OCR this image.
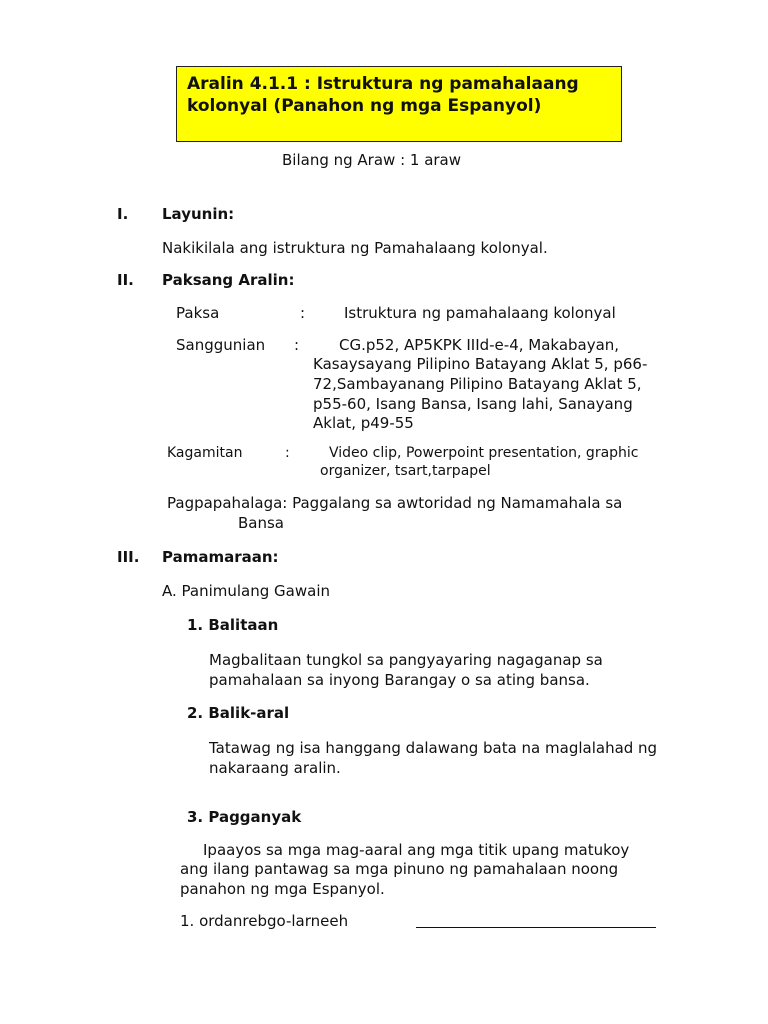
Aralin 4.1.1 : Istruktura ng pamahalaang
kolonyal (Panahon ng mga Espanyol)
Bilang ng Araw : 1 araw
I. Layunin:
Nakikilala ang istruktura ng Pamahalaang kolonyal.
II. Paksang Aralin:
Paksa	:	Istruktura ng pamahalaang kolonyal
Sanggunian :	CG.p52, AP5KPK IIId-e-4, Makabayan,
Kasaysayang Pilipino Batayang Aklat 5, p66-
72,Sambayanang Pilipino Batayang Aklat 5,
p55-60, Isang Bansa, Isang lahi, Sanayang
Aklat, p49-55
Kagamitan	:	Video clip, Powerpoint presentation, graphic
organizer, tsart,tarpapel
Pagpapahalaga: Paggalang sa awtoridad ng Namamahala sa
Bansa
III. Pamamaraan:
A. Panimulang Gawain
1. Balitaan
Magbalitaan tungkol sa pangyayaring nagaganap sa
pamahalaan sa inyong Barangay o sa ating bansa.
2. Balik-aral
Tatawag ng isa hanggang dalawang bata na maglalahad ng
nakaraang aralin.
3. Pagganyak
Ipaayos sa mga mag-aaral ang mga titik upang matukoy
ang ilang pantawag sa mga pinuno ng pamahalaan noong
panahon ng mga Espanyol.
1. ordanrebgo-larneeh
